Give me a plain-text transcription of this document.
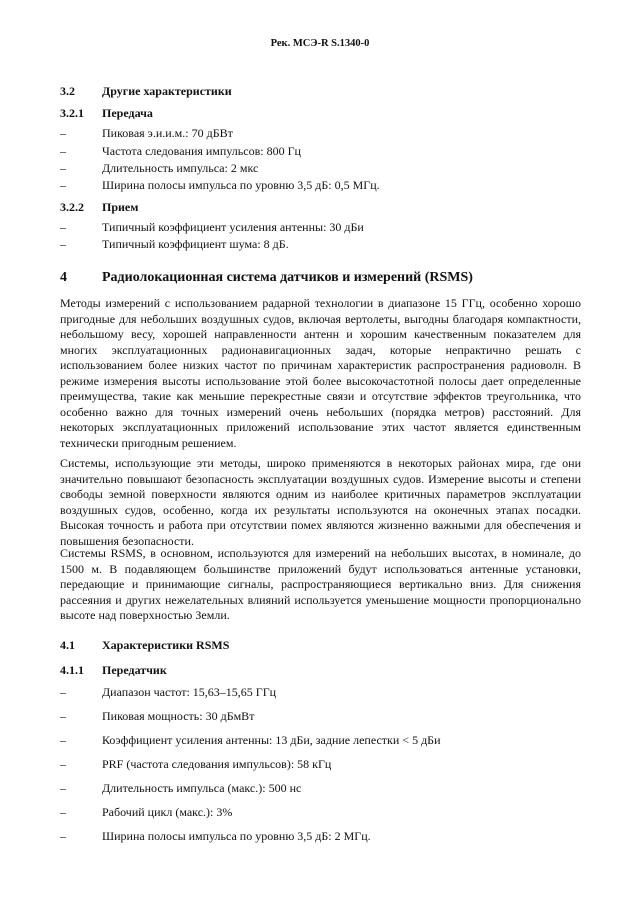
Рек. МСЭ-R S.1340-0
3.2 Другие характеристики
3.2.1 Передача
–	Пиковая э.и.и.м.: 70 дБВт
–	Частота следования импульсов: 800 Гц
–	Длительность импульса: 2 мкс
–	Ширина полосы импульса по уровню 3,5 дБ: 0,5 МГц.
3.2.2 Прием
–	Типичный коэффициент усиления антенны: 30 дБи
–	Типичный коэффициент шума: 8 дБ.
4	Радиолокационная система датчиков и измерений (RSMS)

Методы измерений с использованием радарной технологии в диапазоне 15 ГГц, особенно хорошо пригодные для небольших воздушных судов, включая вертолеты, выгодны благодаря компактности, небольшому весу, хорошей направленности антенн и хорошим качественным показателем для многих эксплуатационных радионавигационных задач, которые непрактично решать с использованием более низких частот по причинам характеристик распространения радиоволн. В режиме измерения высоты использование этой более высокочастотной полосы дает определенные преимущества, такие как меньшие перекрестные связи и отсутствие эффектов треугольника, что особенно важно для точных измерений очень небольших (порядка метров) расстояний. Для некоторых эксплуатационных приложений использование этих частот является единственным технически пригодным решением.

Системы, использующие эти методы, широко применяются в некоторых районах мира, где они значительно повышают безопасность эксплуатации воздушных судов. Измерение высоты и степени свободы земной поверхности являются одним из наиболее критичных параметров эксплуатации воздушных судов, особенно, когда их результаты используются на оконечных этапах посадки. Высокая точность и работа при отсутствии помех являются жизненно важными для обеспечения и повышения безопасности.

Системы RSMS, в основном, используются для измерений на небольших высотах, в номинале, до 1500 м. В подавляющем большинстве приложений будут использоваться антенные установки, передающие и принимающие сигналы, распространяющиеся вертикально вниз. Для снижения рассеяния и других нежелательных влияний используется уменьшение мощности пропорционально высоте над поверхностью Земли.

4.1 Характеристики RSMS
4.1.1 Передатчик
–	Диапазон частот: 15,63–15,65 ГГц
–	Пиковая мощность: 30 дБмВт
–	Коэффициент усиления антенны: 13 дБи, задние лепестки < 5 дБи
–	PRF (частота следования импульсов): 58 кГц
–	Длительность импульса (макс.): 500 нс
–	Рабочий цикл (макс.): 3%
–	Ширина полосы импульса по уровню 3,5 дБ: 2 МГц.
